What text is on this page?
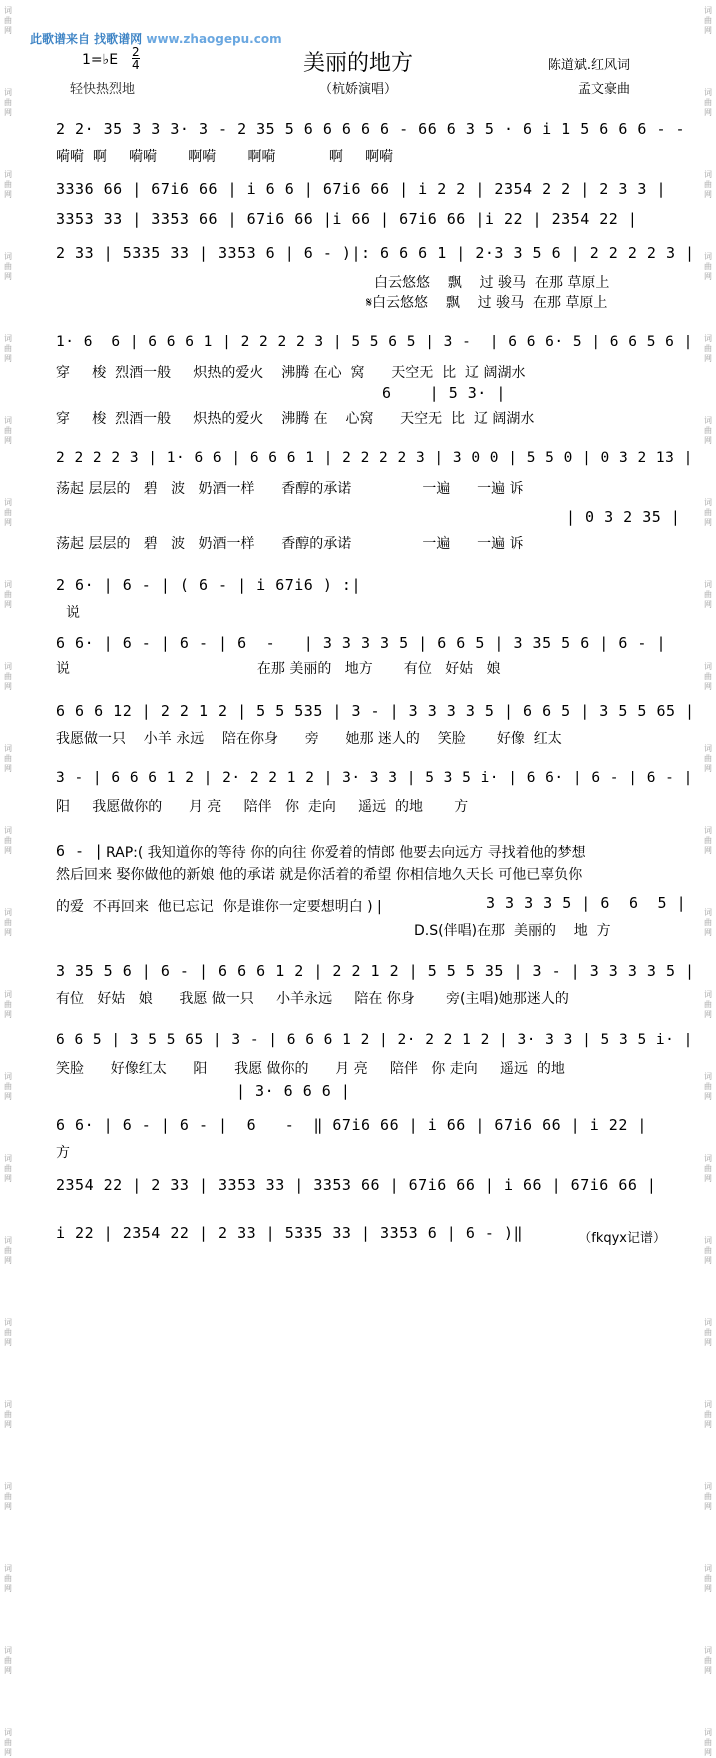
词
曲
网
词
曲
网
词
曲
网
词
曲
网
词
曲
网
词
曲
网
词
曲
网
词
曲
网
词
曲
网
词
曲
网
词
曲
网
词
曲
网
词
曲
网
词
曲
网
词
曲
网
词
曲
网
词
曲
网
词
曲
网
词
曲
网
词
曲
网
词
曲
网
词
曲
网
词
曲
网
词
曲
网
词
曲
网
词
曲
网
词
曲
网
词
曲
网
词
曲
网
词
曲
网
词
曲
网
词
曲
网
词
曲
网
词
曲
网
词
曲
网
词
曲
网
词
曲
网
词
曲
网
词
曲
网
词
曲
网
词
曲
网
词
曲
网
词
曲
网
词
曲
网
此歌谱来自 找歌谱网 www.zhaogepu.com
美丽的地方
1=♭E 2
4
轻快热烈地	（杭娇演唱）
陈道斌.红风词
孟文豪曲
2 2· 35 3 3 3· 3 - 2 35 5 6 6 6 6 6 - 66 6 3 5 · 6 i 1 5 6 6 6 - -
嗬嗬  啊     嗬嗬       啊嗬       啊嗬            啊     啊嗬
3336 66 | 67i6 66 | i 6 6 | 67i6 66 | i 2 2 | 2354 2 2 | 2 3 3 |
3353 33 | 3353 66 | 67i6 66 |i 66 | 67i6 66 |i 22 | 2354 22 |
2 33 | 5335 33 | 3353 6 | 6 - )|: 6 6 6 1 | 2·3 3 5 6 | 2 2 2 2 3 |
白云悠悠    飘    过 骏马  在那 草原上
𝄋白云悠悠    飘    过 骏马  在那 草原上
1· 6  6 | 6 6 6 1 | 2 2 2 2 3 | 5 5 6 5 | 3 -  | 6 6 6· 5 | 6 6 5 6 |
穿     梭  烈酒一般     炽热的爱火    沸腾 在心  窝      天空无  比  辽 阔湖水
6    | 5 3· |
穿     梭  烈酒一般     炽热的爱火    沸腾 在    心窝      天空无  比  辽 阔湖水
2 2 2 2 3 | 1· 6 6 | 6 6 6 1 | 2 2 2 2 3 | 3 0 0 | 5 5 0 | 0 3 2 13 |
荡起 层层的   碧   波   奶酒一样      香醇的承诺                一遍      一遍 诉
| 0 3 2 35 |
荡起 层层的   碧   波   奶酒一样      香醇的承诺                一遍      一遍 诉
2 6· | 6 - | ( 6 - | i 67i6 ) :|
说
6 6· | 6 - | 6 - | 6  -   | 3 3 3 3 5 | 6 6 5 | 3 35 5 6 | 6 - |
说                                          在那 美丽的   地方       有位   好姑   娘
6 6 6 12 | 2 2 1 2 | 5 5 535 | 3 - | 3 3 3 3 5 | 6 6 5 | 3 5 5 65 |
我愿做一只    小羊 永远    陪在你身      旁      她那 迷人的    笑脸       好像  红太
3 - | 6 6 6 1 2 | 2· 2 2 1 2 | 3· 3 3 | 5 3 5 i· | 6 6· | 6 - | 6 - |
阳     我愿做你的      月 亮     陪伴   你  走向     遥远  的地       方
6 - |
3 3 3 3 5 | 6  6  5 |
D.S(伴唱)在那  美丽的    地  方
3 35 5 6 | 6 - | 6 6 6 1 2 | 2 2 1 2 | 5 5 5 35 | 3 - | 3 3 3 3 5 |
有位   好姑   娘      我愿 做一只     小羊永远     陪在 你身       旁(主唱)她那迷人的
6 6 5 | 3 5 5 65 | 3 - | 6 6 6 1 2 | 2· 2 2 1 2 | 3· 3 3 | 5 3 5 i· |
笑脸      好像红太      阳      我愿 做你的      月 亮     陪伴   你 走向     遥远  的地
| 3· 6 6 6 |
6 6· | 6 - | 6 - |  6   -  ‖ 67i6 66 | i 66 | 67i6 66 | i 22 |
方
2354 22 | 2 33 | 3353 33 | 3353 66 | 67i6 66 | i 66 | 67i6 66 |
i 22 | 2354 22 | 2 33 | 5335 33 | 3353 6 | 6 - )‖
RAP:( 我知道你的等待 你的向往 你爱着的情郎 他要去向远方 寻找着他的梦想
然后回来 娶你做他的新娘 他的承诺 就是你活着的希望 你相信地久天长 可他已辜负你
的爱  不再回来  他已忘记  你是谁你一定要想明白 ) |
（fkqyx记谱）
